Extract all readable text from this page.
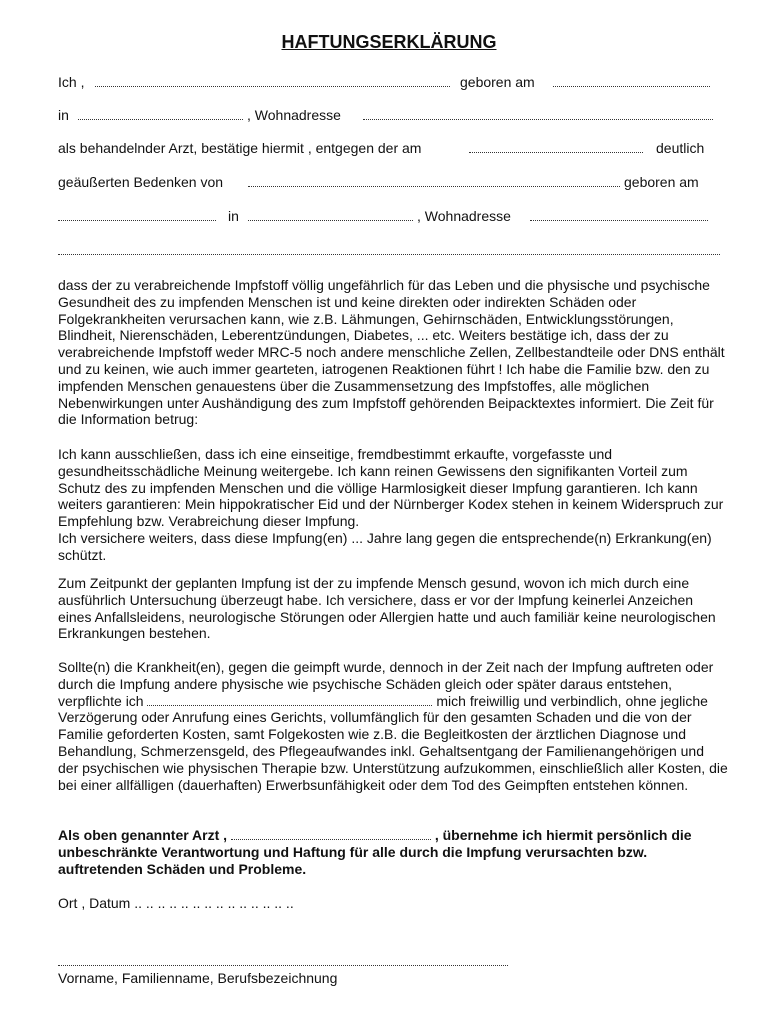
HAFTUNGSERKLÄRUNG
Ich ,	geboren am
in	, Wohnadresse
als behandelnder Arzt, bestätige hiermit , entgegen der am	deutlich
geäußerten Bedenken von	geboren am
in	, Wohnadresse

dass der zu verabreichende Impfstoff völlig ungefährlich für das Leben und die physische und psychische Gesundheit des zu impfenden Menschen ist und keine direkten oder indirekten Schäden oder Folgekrankheiten verursachen kann, wie z.B. Lähmungen, Gehirnschäden, Entwicklungsstörungen, Blindheit, Nierenschäden, Leberentzündungen, Diabetes, ... etc. Weiters bestätige ich, dass der zu verabreichende Impfstoff weder MRC-5 noch andere menschliche Zellen, Zellbestandteile oder DNS enthält und zu keinen, wie auch immer gearteten, iatrogenen Reaktionen führt ! Ich habe die Familie bzw. den zu impfenden Menschen genauestens über die Zusammensetzung des Impfstoffes, alle möglichen Nebenwirkungen unter Aushändigung des zum Impfstoff gehörenden Beipacktextes informiert. Die Zeit für die Information betrug:

Ich kann ausschließen, dass ich eine einseitige, fremdbestimmt erkaufte, vorgefasste und gesundheitsschädliche Meinung weitergebe. Ich kann reinen Gewissens den signifikanten Vorteil zum Schutz des zu impfenden Menschen und die völlige Harmlosigkeit dieser Impfung garantieren. Ich kann weiters garantieren: Mein hippokratischer Eid und der Nürnberger Kodex stehen in keinem Widerspruch zur Empfehlung bzw. Verabreichung dieser Impfung.

Ich versichere weiters, dass diese Impfung(en) ... Jahre lang gegen die entsprechende(n) Erkrankung(en) schützt.

Zum Zeitpunkt der geplanten Impfung ist der zu impfende Mensch gesund, wovon ich mich durch eine ausführlich Untersuchung überzeugt habe. Ich versichere, dass er vor der Impfung keinerlei Anzeichen eines Anfallsleidens, neurologische Störungen oder Allergien hatte und auch familiär keine neurologischen Erkrankungen bestehen.

Sollte(n) die Krankheit(en), gegen die geimpft wurde, dennoch in der Zeit nach der Impfung auftreten oder durch die Impfung andere physische wie psychische Schäden gleich oder später daraus entstehen, verpflichte ich	mich freiwillig und verbindlich, ohne jegliche Verzögerung oder Anrufung eines Gerichts, vollumfänglich für den gesamten Schaden und die von der Familie geforderten Kosten, samt Folgekosten wie z.B. die Begleitkosten der ärztlichen Diagnose und Behandlung, Schmerzensgeld, des Pflegeaufwandes inkl. Gehaltsentgang der Familienangehörigen und der psychischen wie physischen Therapie bzw. Unterstützung aufzukommen, einschließlich aller Kosten, die bei einer allfälligen (dauerhaften) Erwerbsunfähigkeit oder dem Tod des Geimpften entstehen können.

Als oben genannter Arzt ,	, übernehme ich hiermit persönlich die unbeschränkte Verantwortung und Haftung für alle durch die Impfung verursachten bzw. auftretenden Schäden und Probleme.

Ort , Datum .. .. .. .. .. .. .. .. .. .. .. .. .. ..
Vorname, Familienname, Berufsbezeichnung
